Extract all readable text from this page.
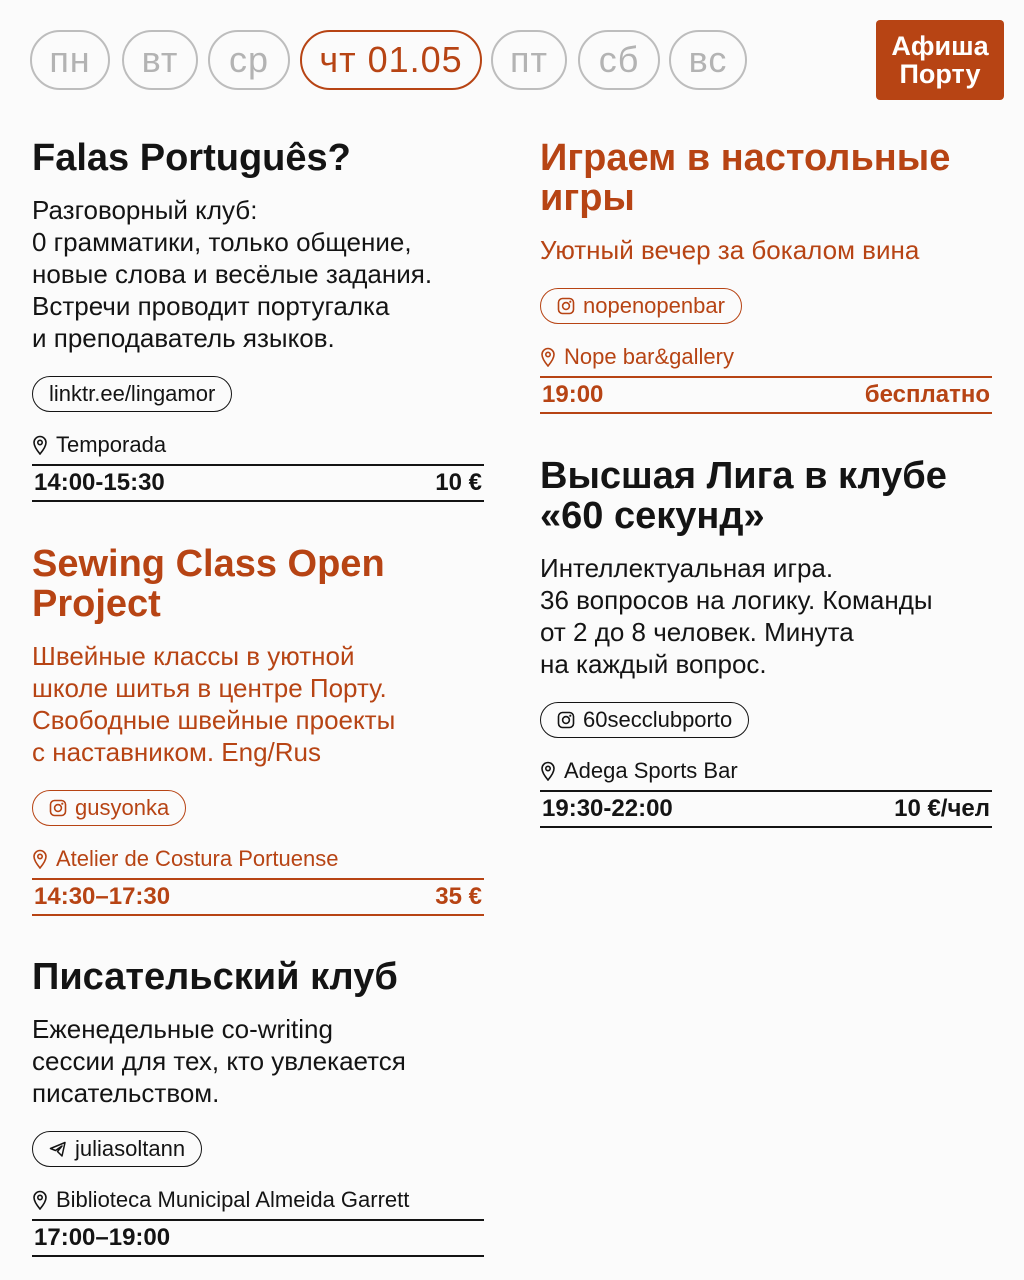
пн	вт	ср	чт 01.05	пт	сб	вс	Афиша
Порту
Falas Português?
Разговорный клуб:
0 грамматики, только общение,
новые слова и весёлые задания.
Встречи проводит португалка
и преподаватель языков.
linktr.ee/lingamor
Temporada
14:00-15:30	10 €
Sewing Class Open Project
Швейные классы в уютной
школе шитья в центре Порту.
Свободные швейные проекты
с наставником. Eng/Rus
gusyonka
Atelier de Costura Portuense
14:30–17:30	35 €
Писательский клуб
Еженедельные co-writing
сессии для тех, кто увлекается
писательством.
juliasoltann
Biblioteca Municipal Almeida Garrett
17:00–19:00
Играем в настольные игры
Уютный вечер за бокалом вина
nopenopenbar
Nope bar&gallery
19:00	бесплатно
Высшая Лига в клубе «60 секунд»
Интеллектуальная игра.
36 вопросов на логику. Команды
от 2 до 8 человек. Минута
на каждый вопрос.
60secclubporto
Adega Sports Bar
19:30-22:00	10 €/чел
